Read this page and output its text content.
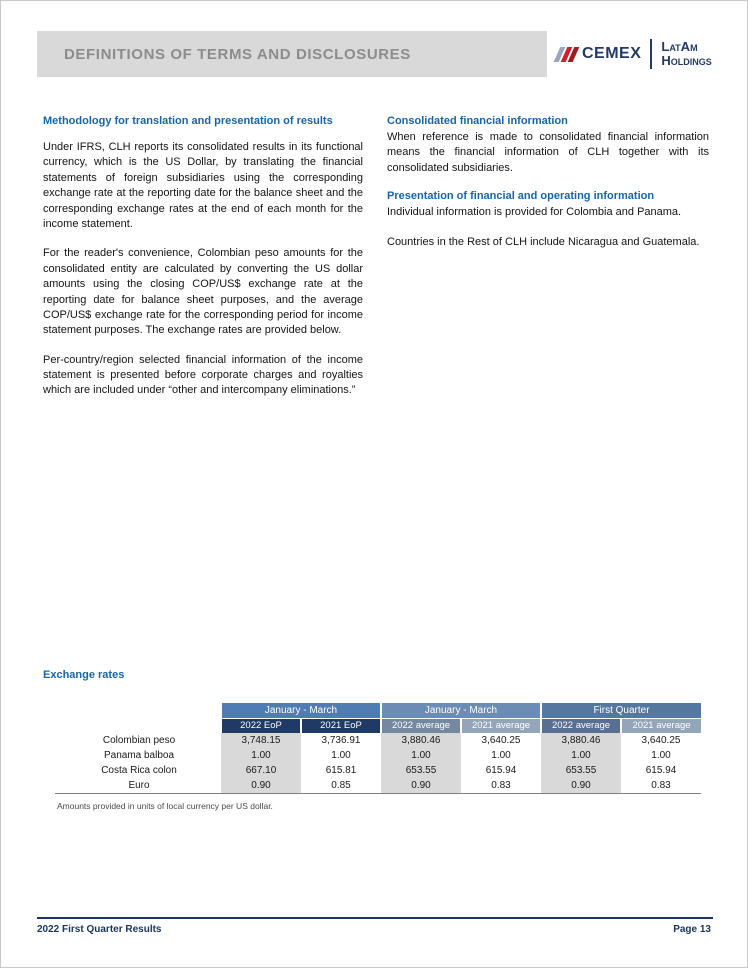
DEFINITIONS OF TERMS AND DISCLOSURES	CEMEX LatAm
Holdings
Methodology for translation and presentation of results

Under IFRS, CLH reports its consolidated results in its functional currency, which is the US Dollar, by translating the financial statements of foreign subsidiaries using the corresponding exchange rate at the reporting date for the balance sheet and the corresponding exchange rates at the end of each month for the income statement.

For the reader's convenience, Colombian peso amounts for the consolidated entity are calculated by converting the US dollar amounts using the closing COP/US$ exchange rate at the reporting date for balance sheet purposes, and the average COP/US$ exchange rate for the corresponding period for income statement purposes. The exchange rates are provided below.

Per-country/region selected financial information of the income statement is presented before corporate charges and royalties which are included under “other and intercompany eliminations.”

Consolidated financial information

When reference is made to consolidated financial information means the financial information of CLH together with its consolidated subsidiaries.

Presentation of financial and operating information

Individual information is provided for Colombia and Panama.

Countries in the Rest of CLH include Nicaragua and Guatemala.

Exchange rates
	January - March		January - March		First Quarter	
	2022 EoP	2021 EoP	2022 average	2021 average	2022 average	2021 average
Colombian peso	3,748.15	3,736.91	3,880.46	3,640.25	3,880.46	3,640.25
Panama balboa	1.00	1.00	1.00	1.00	1.00	1.00
Costa Rica colon	667.10	615.81	653.55	615.94	653.55	615.94
Euro	0.90	0.85	0.90	0.83	0.90	0.83

Amounts provided in units of local currency per US dollar.

2022 First Quarter Results	Page 13
